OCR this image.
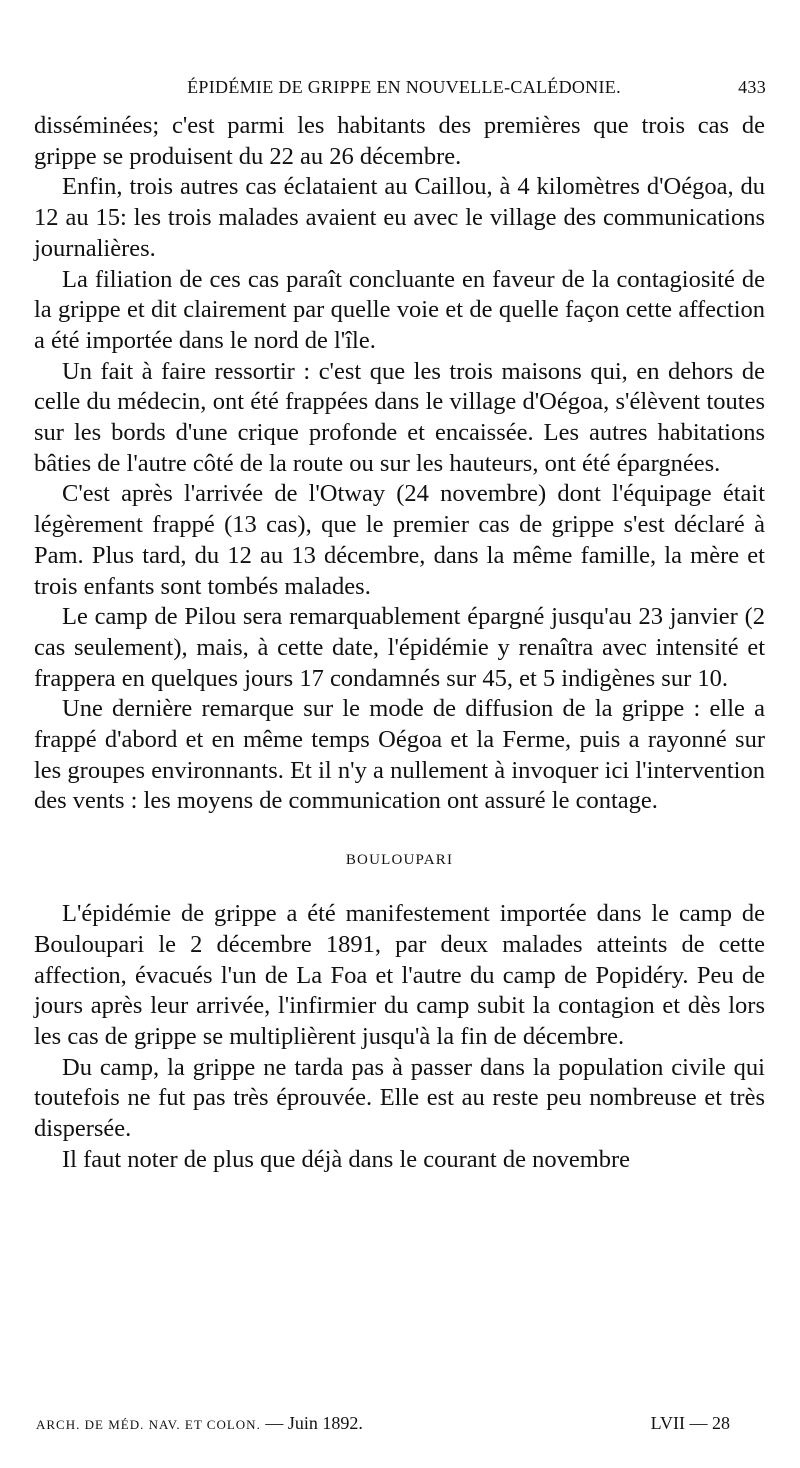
ÉPIDÉMIE DE GRIPPE EN NOUVELLE-CALÉDONIE.	433

disséminées; c'est parmi les habitants des premières que trois cas de grippe se produisent du 22 au 26 décembre.

Enfin, trois autres cas éclataient au Caillou, à 4 kilomètres d'Oégoa, du 12 au 15: les trois malades avaient eu avec le village des communications journalières.

La filiation de ces cas paraît concluante en faveur de la contagiosité de la grippe et dit clairement par quelle voie et de quelle façon cette affection a été importée dans le nord de l'île.

Un fait à faire ressortir : c'est que les trois maisons qui, en dehors de celle du médecin, ont été frappées dans le village d'Oégoa, s'élèvent toutes sur les bords d'une crique profonde et encaissée. Les autres habitations bâties de l'autre côté de la route ou sur les hauteurs, ont été épargnées.

C'est après l'arrivée de l'Otway (24 novembre) dont l'équipage était légèrement frappé (13 cas), que le premier cas de grippe s'est déclaré à Pam. Plus tard, du 12 au 13 décembre, dans la même famille, la mère et trois enfants sont tombés malades.

Le camp de Pilou sera remarquablement épargné jusqu'au 23 janvier (2 cas seulement), mais, à cette date, l'épidémie y renaîtra avec intensité et frappera en quelques jours 17 condamnés sur 45, et 5 indigènes sur 10.

Une dernière remarque sur le mode de diffusion de la grippe : elle a frappé d'abord et en même temps Oégoa et la Ferme, puis a rayonné sur les groupes environnants. Et il n'y a nullement à invoquer ici l'intervention des vents : les moyens de communication ont assuré le contage.

BOULOUPARI

L'épidémie de grippe a été manifestement importée dans le camp de Bouloupari le 2 décembre 1891, par deux malades atteints de cette affection, évacués l'un de La Foa et l'autre du camp de Popidéry. Peu de jours après leur arrivée, l'infirmier du camp subit la contagion et dès lors les cas de grippe se multiplièrent jusqu'à la fin de décembre.

Du camp, la grippe ne tarda pas à passer dans la population civile qui toutefois ne fut pas très éprouvée. Elle est au reste peu nombreuse et très dispersée.

Il faut noter de plus que déjà dans le courant de novembre

ARCH. DE MÉD. NAV. ET COLON. — Juin 1892.	LVII — 28
